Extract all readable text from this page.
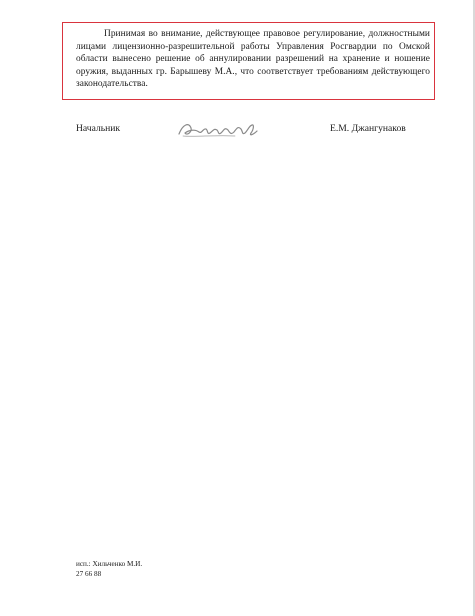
Принимая во внимание, действующее правовое регулирование, должностными лицами лицензионно-разрешительной работы Управления Росгвардии по Омской области вынесено решение об аннулировании разрешений на хранение и ношение оружия, выданных гр. Барышеву М.А., что соответствует требованиям действующего законодательства.

Начальник	Е.М. Джангунаков
исп.: Хильченко М.И.
27 66 88
